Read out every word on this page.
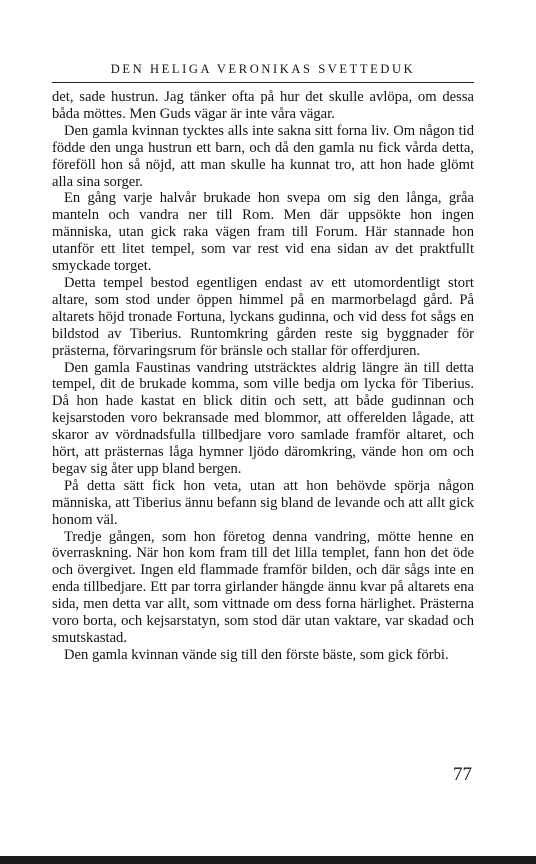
DEN HELIGA VERONIKAS SVETTEDUK

det, sade hustrun. Jag tänker ofta på hur det skulle avlöpa, om dessa båda möttes. Men Guds vägar är inte våra vägar.

Den gamla kvinnan tycktes alls inte sakna sitt forna liv. Om någon tid födde den unga hustrun ett barn, och då den gamla nu fick vårda detta, föreföll hon så nöjd, att man skulle ha kunnat tro, att hon hade glömt alla sina sorger.

En gång varje halvår brukade hon svepa om sig den långa, gråa manteln och vandra ner till Rom. Men där uppsökte hon ingen människa, utan gick raka vägen fram till Forum. Här stannade hon utanför ett litet tempel, som var rest vid ena sidan av det praktfullt smyckade torget.

Detta tempel bestod egentligen endast av ett utomordentligt stort altare, som stod under öppen himmel på en marmorbelagd gård. På altarets höjd tronade Fortuna, lyckans gudinna, och vid dess fot sågs en bildstod av Tiberius. Runtomkring gården reste sig byggnader för prästerna, förvaringsrum för bränsle och stallar för offerdjuren.

Den gamla Faustinas vandring utsträcktes aldrig längre än till detta tempel, dit de brukade komma, som ville bedja om lycka för Tiberius. Då hon hade kastat en blick ditin och sett, att både gudinnan och kejsarstoden voro bekransade med blommor, att offerelden lågade, att skaror av vördnadsfulla tillbedjare voro samlade framför altaret, och hört, att prästernas låga hymner ljödo däromkring, vände hon om och begav sig åter upp bland bergen.

På detta sätt fick hon veta, utan att hon behövde spörja någon människa, att Tiberius ännu befann sig bland de levande och att allt gick honom väl.

Tredje gången, som hon företog denna vandring, mötte henne en överraskning. När hon kom fram till det lilla templet, fann hon det öde och övergivet. Ingen eld flammade framför bilden, och där sågs inte en enda tillbedjare. Ett par torra girlander hängde ännu kvar på altarets ena sida, men detta var allt, som vittnade om dess forna härlighet. Prästerna voro borta, och kejsarstatyn, som stod där utan vaktare, var skadad och smutskastad.

Den gamla kvinnan vände sig till den förste bäste, som gick förbi.

77
